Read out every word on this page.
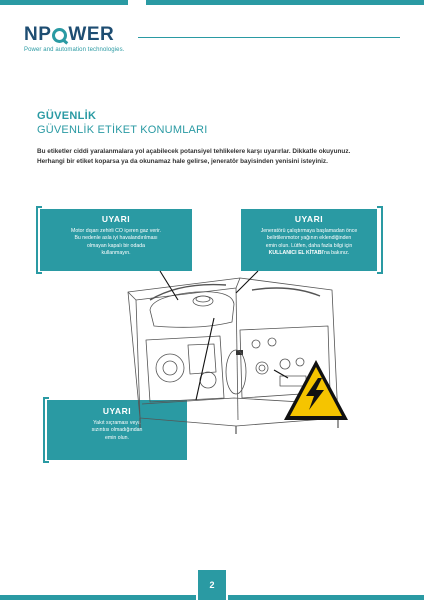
N P WER
Power and automation technologies.
GÜVENLİK
GÜVENLİK ETİKET KONUMLARI
Bu etiketler ciddi yaralanmalara yol açabilecek potansiyel tehlikelere karşı uyarırlar. Dikkatle okuyunuz.
Herhangi bir etiket koparsa ya da okunamaz hale gelirse, jeneratör bayisinden yenisini isteyiniz.
UYARI
Motor dışarı zehirli CO içeren gaz verir.
Bu nedenle asla iyi havalandırılması
olmayan kapalı bir odada
kullanmayın.
UYARI
Jeneratörü çalıştırmaya başlamadan önce
belirtilenmotor yağının eklendiğinden
emin olun. Lütfen, daha fazla bilgi için
KULLANICI EL KİTABI'na bakınız.
UYARI
Yakıt sıçraması veya
sızıntısı olmadığından
emin olun.
2
